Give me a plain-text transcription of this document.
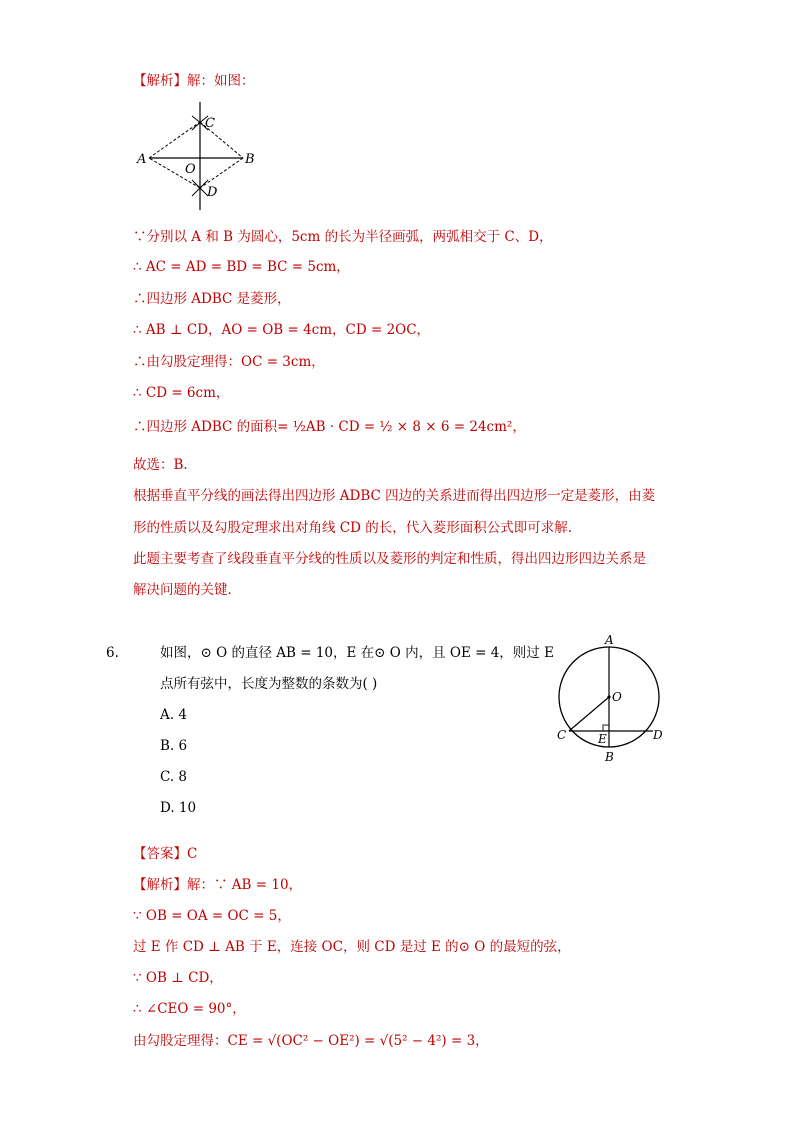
【解析】解：如图：
C
A	B
O
D
∵分别以 A 和 B 为圆心，5cm 的长为半径画弧，两弧相交于 C、D，
∴ AC = AD = BD = BC = 5cm，
∴四边形 ADBC 是菱形，
∴ AB ⊥ CD，AO = OB = 4cm，CD = 2OC，
∴由勾股定理得：OC = 3cm，
∴ CD = 6cm，
∴四边形 ADBC 的面积= ½AB · CD = ½ × 8 × 6 = 24cm²，
故选：B.
根据垂直平分线的画法得出四边形 ADBC 四边的关系进而得出四边形一定是菱形，由菱
形的性质以及勾股定理求出对角线 CD 的长，代入菱形面积公式即可求解.
此题主要考查了线段垂直平分线的性质以及菱形的判定和性质，得出四边形四边关系是
解决问题的关键.
6.	如图，⊙ O 的直径 AB = 10，E 在⊙ O 内，且 OE = 4，则过 E
点所有弦中，长度为整数的条数为( )
A. 4
B. 6
C. 8
D. 10
A
O
C	E	D
B
【答案】C
【解析】解：∵ AB = 10，
∵ OB = OA = OC = 5，
过 E 作 CD ⊥ AB 于 E，连接 OC，则 CD 是过 E 的⊙ O 的最短的弦，
∵ OB ⊥ CD，
∴ ∠CEO = 90°，
由勾股定理得：CE = √(OC² − OE²) = √(5² − 4²) = 3，
